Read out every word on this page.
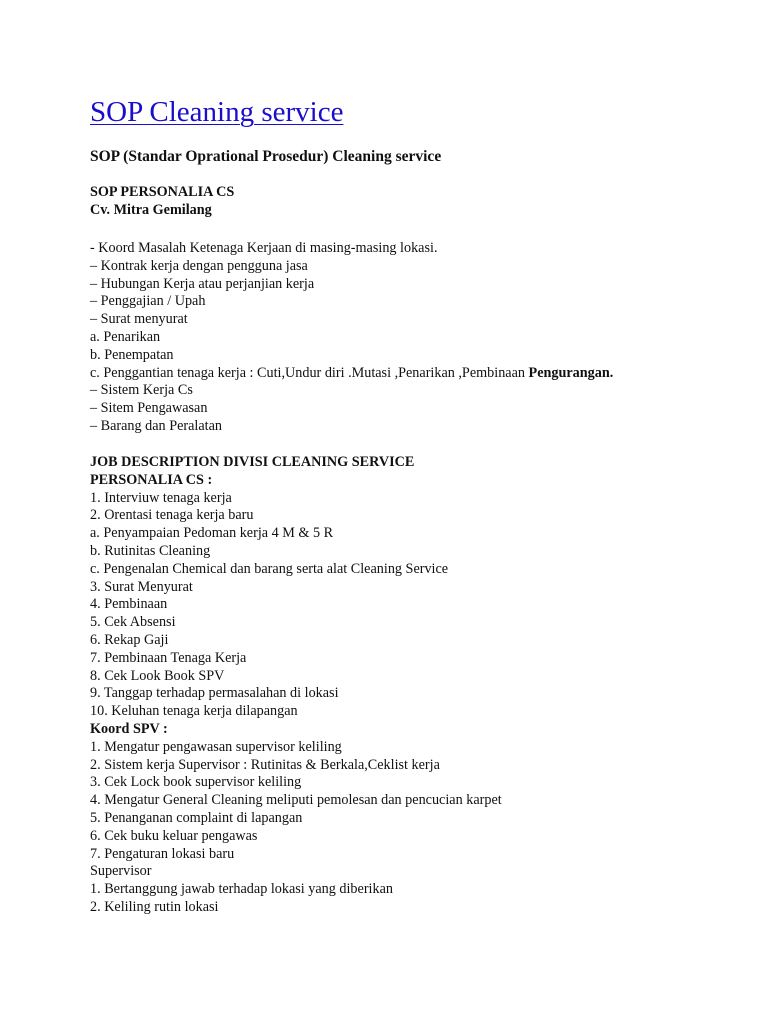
SOP Cleaning service

SOP (Standar Oprational Prosedur) Cleaning service

SOP PERSONALIA CS
Cv. Mitra Gemilang
- Koord Masalah Ketenaga Kerjaan di masing-masing lokasi.
– Kontrak kerja dengan pengguna jasa
– Hubungan Kerja atau perjanjian kerja
– Penggajian / Upah
– Surat menyurat
a. Penarikan
b. Penempatan
c. Penggantian tenaga kerja : Cuti,Undur diri .Mutasi ,Penarikan ,Pembinaan Pengurangan.
– Sistem Kerja Cs
– Sitem Pengawasan
– Barang dan Peralatan
JOB DESCRIPTION DIVISI CLEANING SERVICE
PERSONALIA CS :
1. Interviuw tenaga kerja
2. Orentasi tenaga kerja baru
a. Penyampaian Pedoman kerja 4 M & 5 R
b. Rutinitas Cleaning
c. Pengenalan Chemical dan barang serta alat Cleaning Service
3. Surat Menyurat
4. Pembinaan
5. Cek Absensi
6. Rekap Gaji
7. Pembinaan Tenaga Kerja
8. Cek Look Book SPV
9. Tanggap terhadap permasalahan di lokasi
10. Keluhan tenaga kerja dilapangan
Koord SPV :
1. Mengatur pengawasan supervisor keliling
2. Sistem kerja Supervisor : Rutinitas & Berkala,Ceklist kerja
3. Cek Lock book supervisor keliling
4. Mengatur General Cleaning meliputi pemolesan dan pencucian karpet
5. Penanganan complaint di lapangan
6. Cek buku keluar pengawas
7. Pengaturan lokasi baru
Supervisor
1. Bertanggung jawab terhadap lokasi yang diberikan
2. Keliling rutin lokasi
